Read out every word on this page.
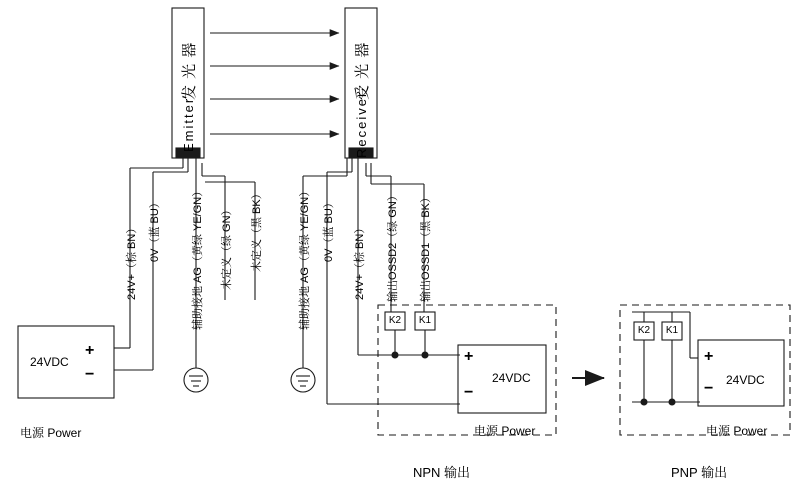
发 光 器
Emitter
受 光 器
Receiver
24V+（棕 BN） 0V（蓝 BU）	辅助接地 AG（黄绿 YE/GN） 未定义（绿 GN） 未定义（黑 BK）	辅助接地 AG（黄绿 YE/GN） 0V（蓝 BU） 24V+（棕 BN） 输出OSSD2（绿 GN） 输出OSSD1（黑 BK）
K2	K1
K2	K1
24VDC
+
−
电源 Power
24VDC
+
−
电源 Power
24VDC
+
−
电源 Power
NPN 输出	PNP 输出
